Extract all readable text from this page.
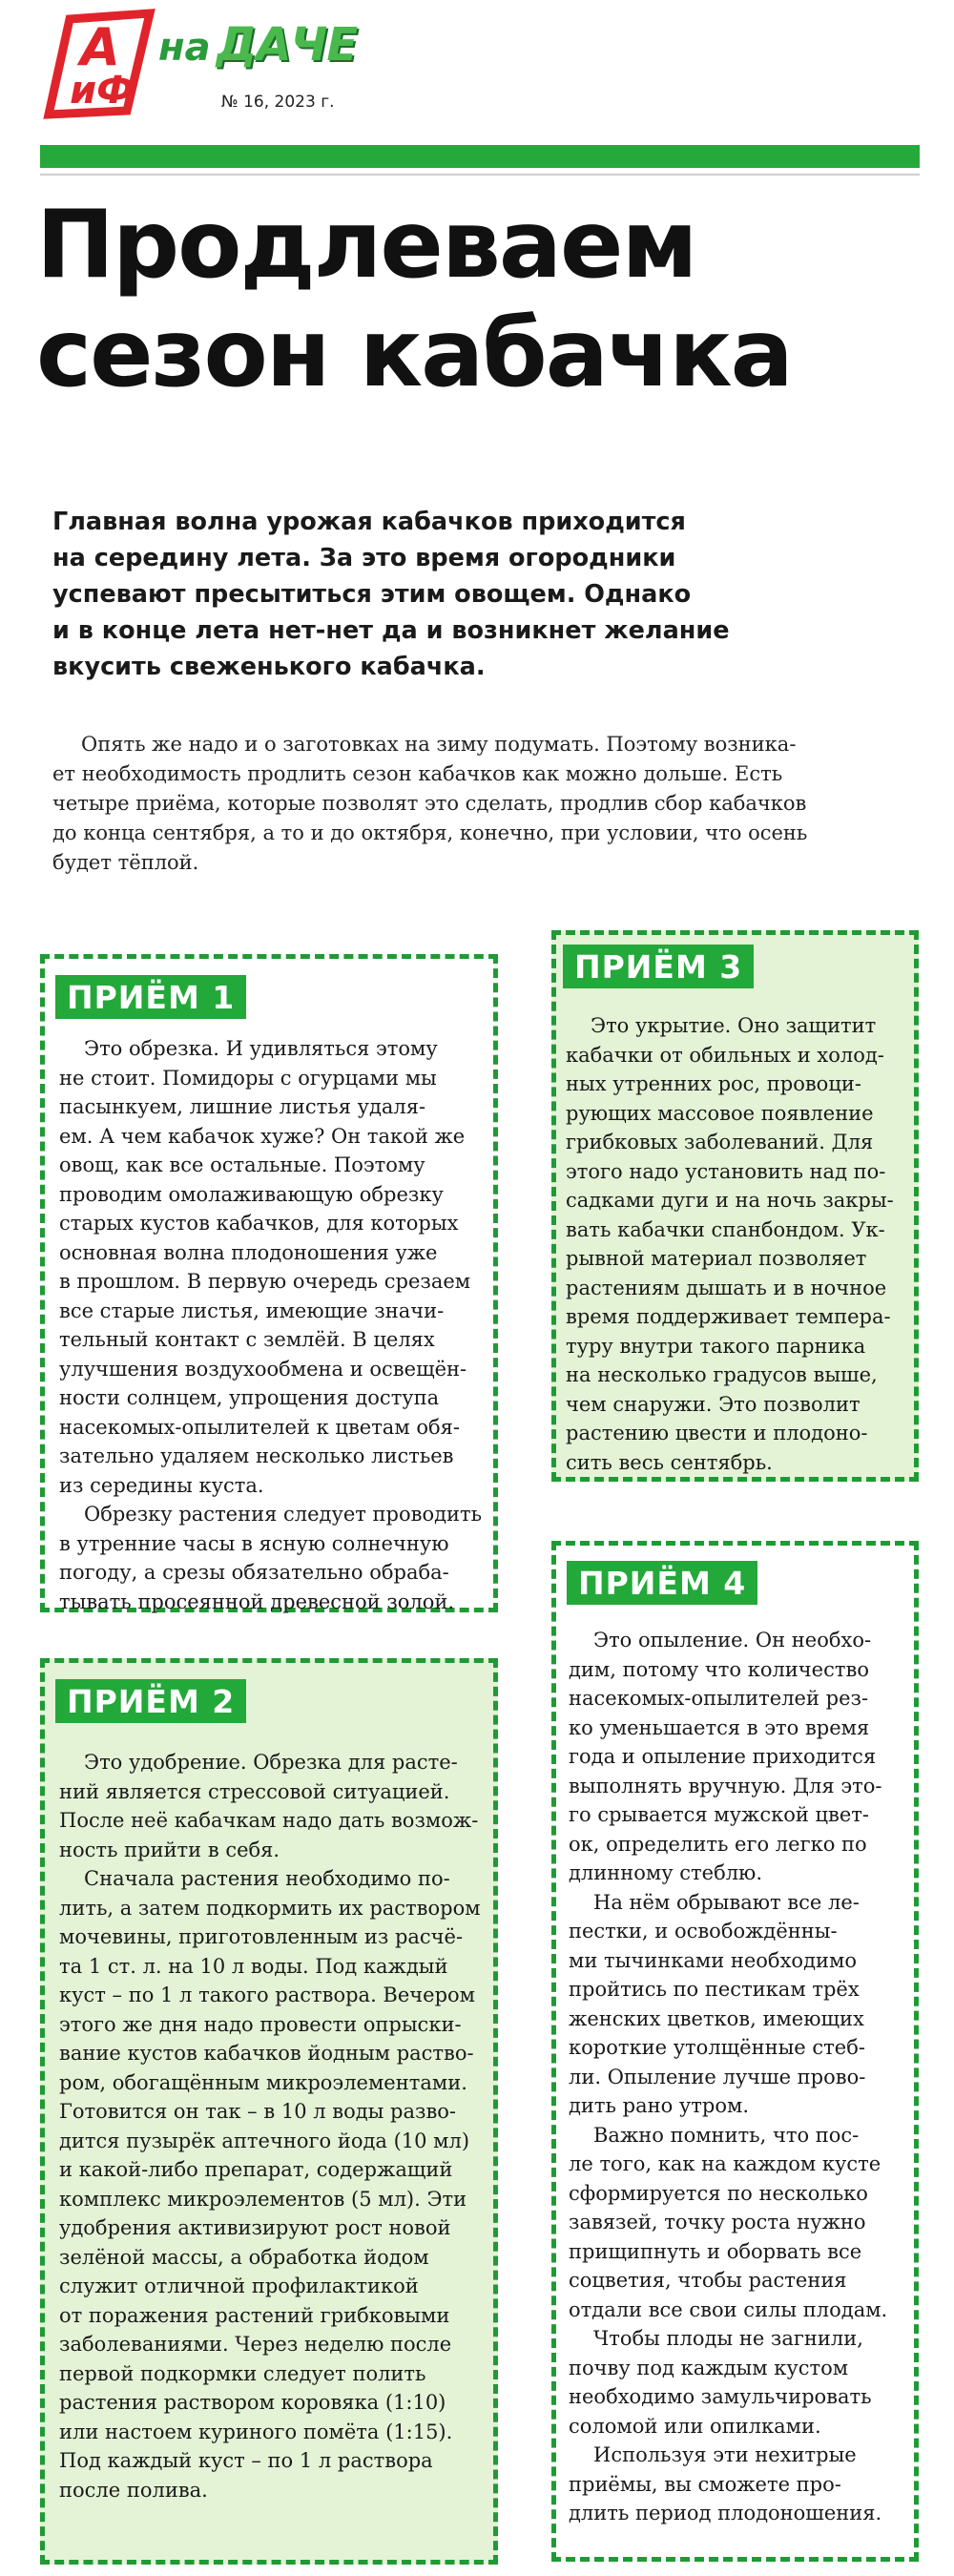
А
иФ
на ДАЧЕ
№ 16, 2023 г.
Продлеваем
сезон кабачка
Главная волна урожая кабачков приходится
на середину лета. За это время огородники
успевают пресытиться этим овощем. Однако
и в конце лета нет-нет да и возникнет желание
вкусить свеженького кабачка.
Опять же надо и о заготовках на зиму подумать. Поэтому возника-
ет необходимость продлить сезон кабачков как можно дольше. Есть
четыре приёма, которые позволят это сделать, продлив сбор кабачков
до конца сентября, а то и до октября, конечно, при условии, что осень
будет тёплой.
ПРИЁМ 1
Это обрезка. И удивляться этому
не стоит. Помидоры с огурцами мы
пасынкуем, лишние листья удаля-
ем. А чем кабачок хуже? Он такой же
овощ, как все остальные. Поэтому
проводим омолаживающую обрезку
старых кустов кабачков, для которых
основная волна плодоношения уже
в прошлом. В первую очередь срезаем
все старые листья, имеющие значи-
тельный контакт с землёй. В целях
улучшения воздухообмена и освещён-
ности солнцем, упрощения доступа
насекомых-опылителей к цветам обя-
зательно удаляем несколько листьев
из середины куста.
Обрезку растения следует проводить
в утренние часы в ясную солнечную
погоду, а срезы обязательно обраба-
тывать просеянной древесной золой.
ПРИЁМ 3
Это укрытие. Оно защитит
кабачки от обильных и холод-
ных утренних рос, провоци-
рующих массовое появление
грибковых заболеваний. Для
этого надо установить над по-
садками дуги и на ночь закры-
вать кабачки спанбондом. Ук-
рывной материал позволяет
растениям дышать и в ночное
время поддерживает темпера-
туру внутри такого парника
на несколько градусов выше,
чем снаружи. Это позволит
растению цвести и плодоно-
сить весь сентябрь.
ПРИЁМ 4
Это опыление. Он необхо-
дим, потому что количество
насекомых-опылителей рез-
ко уменьшается в это время
года и опыление приходится
выполнять вручную. Для это-
го срывается мужской цвет-
ок, определить его легко по
длинному стеблю.
На нём обрывают все ле-
пестки, и освобождённы-
ми тычинками необходимо
пройтись по пестикам трёх
женских цветков, имеющих
короткие утолщённые стеб-
ли. Опыление лучше прово-
дить рано утром.
Важно помнить, что пос-
ле того, как на каждом кусте
сформируется по несколько
завязей, точку роста нужно
прищипнуть и оборвать все
соцветия, чтобы растения
отдали все свои силы плодам.
Чтобы плоды не загнили,
почву под каждым кустом
необходимо замульчировать
соломой или опилками.
Используя эти нехитрые
приёмы, вы сможете про-
длить период плодоношения.
ПРИЁМ 2
Это удобрение. Обрезка для расте-
ний является стрессовой ситуацией.
После неё кабачкам надо дать возмож-
ность прийти в себя.
Сначала растения необходимо по-
лить, а затем подкормить их раствором
мочевины, приготовленным из расчё-
та 1 ст. л. на 10 л воды. Под каждый
куст – по 1 л такого раствора. Вечером
этого же дня надо провести опрыски-
вание кустов кабачков йодным раство-
ром, обогащённым микроэлементами.
Готовится он так – в 10 л воды разво-
дится пузырёк аптечного йода (10 мл)
и какой-либо препарат, содержащий
комплекс микроэлементов (5 мл). Эти
удобрения активизируют рост новой
зелёной массы, а обработка йодом
служит отличной профилактикой
от поражения растений грибковыми
заболеваниями. Через неделю после
первой подкормки следует полить
растения раствором коровяка (1:10)
или настоем куриного помёта (1:15).
Под каждый куст – по 1 л раствора
после полива.
